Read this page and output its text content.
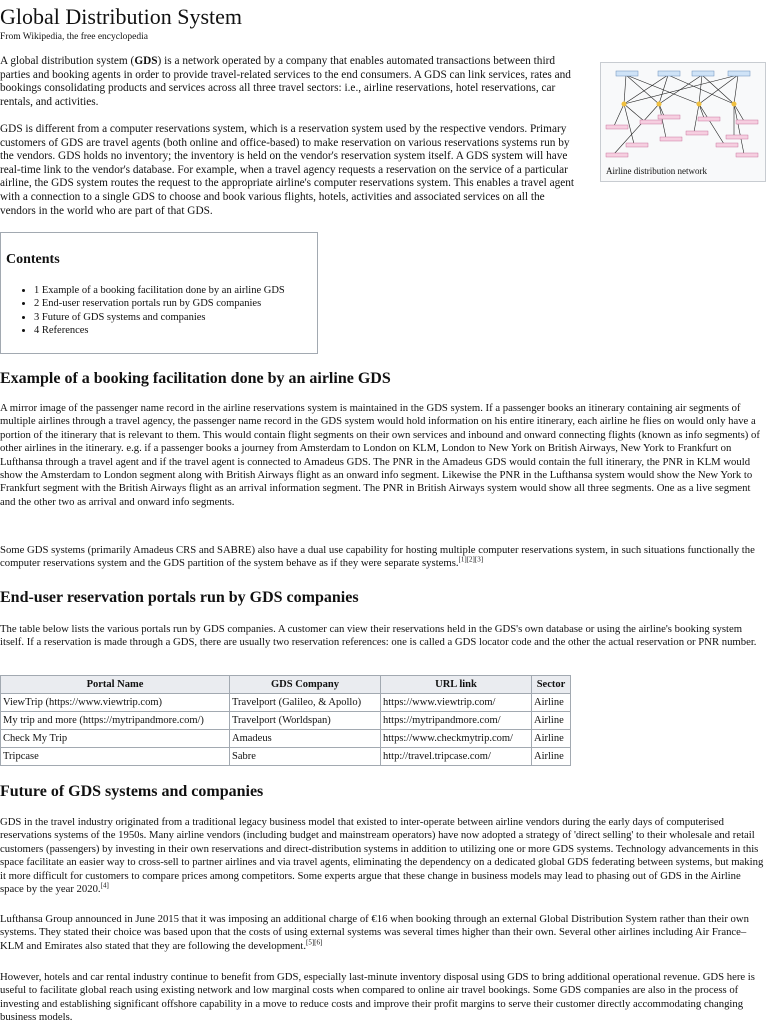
Global Distribution System
From Wikipedia, the free encyclopedia

A global distribution system (GDS) is a network operated by a company that enables automated transactions between third parties and booking agents in order to provide travel-related services to the end consumers. A GDS can link services, rates and bookings consolidating products and services across all three travel sectors: i.e., airline reservations, hotel reservations, car rentals, and activities.

GDS is different from a computer reservations system, which is a reservation system used by the respective vendors. Primary customers of GDS are travel agents (both online and office-based) to make reservation on various reservations systems run by the vendors. GDS holds no inventory; the inventory is held on the vendor's reservation system itself. A GDS system will have real-time link to the vendor's database. For example, when a travel agency requests a reservation on the service of a particular airline, the GDS system routes the request to the appropriate airline's computer reservations system. This enables a travel agent with a connection to a single GDS to choose and book various flights, hotels, activities and associated services on all the vendors in the world who are part of that GDS.

Airline distribution network
Contents
• 1 Example of a booking facilitation done by an airline GDS
• 2 End-user reservation portals run by GDS companies
• 3 Future of GDS systems and companies
• 4 References
Example of a booking facilitation done by an airline GDS

A mirror image of the passenger name record in the airline reservations system is maintained in the GDS system. If a passenger books an itinerary containing air segments of multiple airlines through a travel agency, the passenger name record in the GDS system would hold information on his entire itinerary, each airline he flies on would only have a portion of the itinerary that is relevant to them. This would contain flight segments on their own services and inbound and onward connecting flights (known as info segments) of other airlines in the itinerary. e.g. if a passenger books a journey from Amsterdam to London on KLM, London to New York on British Airways, New York to Frankfurt on Lufthansa through a travel agent and if the travel agent is connected to Amadeus GDS. The PNR in the Amadeus GDS would contain the full itinerary, the PNR in KLM would show the Amsterdam to London segment along with British Airways flight as an onward info segment. Likewise the PNR in the Lufthansa system would show the New York to Frankfurt segment with the British Airways flight as an arrival information segment. The PNR in British Airways system would show all three segments. One as a live segment and the other two as arrival and onward info segments.

Some GDS systems (primarily Amadeus CRS and SABRE) also have a dual use capability for hosting multiple computer reservations system, in such situations functionally the computer reservations system and the GDS partition of the system behave as if they were separate systems.[1][2][3]

End-user reservation portals run by GDS companies

The table below lists the various portals run by GDS companies. A customer can view their reservations held in the GDS's own database or using the airline's booking system itself. If a reservation is made through a GDS, there are usually two reservation references: one is called a GDS locator code and the other the actual reservation or PNR number.

Portal Name	GDS Company	URL link	Sector
ViewTrip (https://www.viewtrip.com)	Travelport (Galileo, & Apollo)	https://www.viewtrip.com/	Airline
My trip and more (https://mytripandmore.com/)	Travelport (Worldspan)	https://mytripandmore.com/	Airline
Check My Trip	Amadeus	https://www.checkmytrip.com/	Airline
Tripcase	Sabre	http://travel.tripcase.com/	Airline
Future of GDS systems and companies

GDS in the travel industry originated from a traditional legacy business model that existed to inter-operate between airline vendors during the early days of computerised reservations systems of the 1950s. Many airline vendors (including budget and mainstream operators) have now adopted a strategy of 'direct selling' to their wholesale and retail customers (passengers) by investing in their own reservations and direct-distribution systems in addition to utilizing one or more GDS systems. Technology advancements in this space facilitate an easier way to cross-sell to partner airlines and via travel agents, eliminating the dependency on a dedicated global GDS federating between systems, but making it more difficult for customers to compare prices among competitors. Some experts argue that these change in business models may lead to phasing out of GDS in the Airline space by the year 2020.[4]

Lufthansa Group announced in June 2015 that it was imposing an additional charge of €16 when booking through an external Global Distribution System rather than their own systems. They stated their choice was based upon that the costs of using external systems was several times higher than their own. Several other airlines including Air France–KLM and Emirates also stated that they are following the development.[5][6]

However, hotels and car rental industry continue to benefit from GDS, especially last-minute inventory disposal using GDS to bring additional operational revenue. GDS here is useful to facilitate global reach using existing network and low marginal costs when compared to online air travel bookings. Some GDS companies are also in the process of investing and establishing significant offshore capability in a move to reduce costs and improve their profit margins to serve their customer directly accommodating changing business models.
